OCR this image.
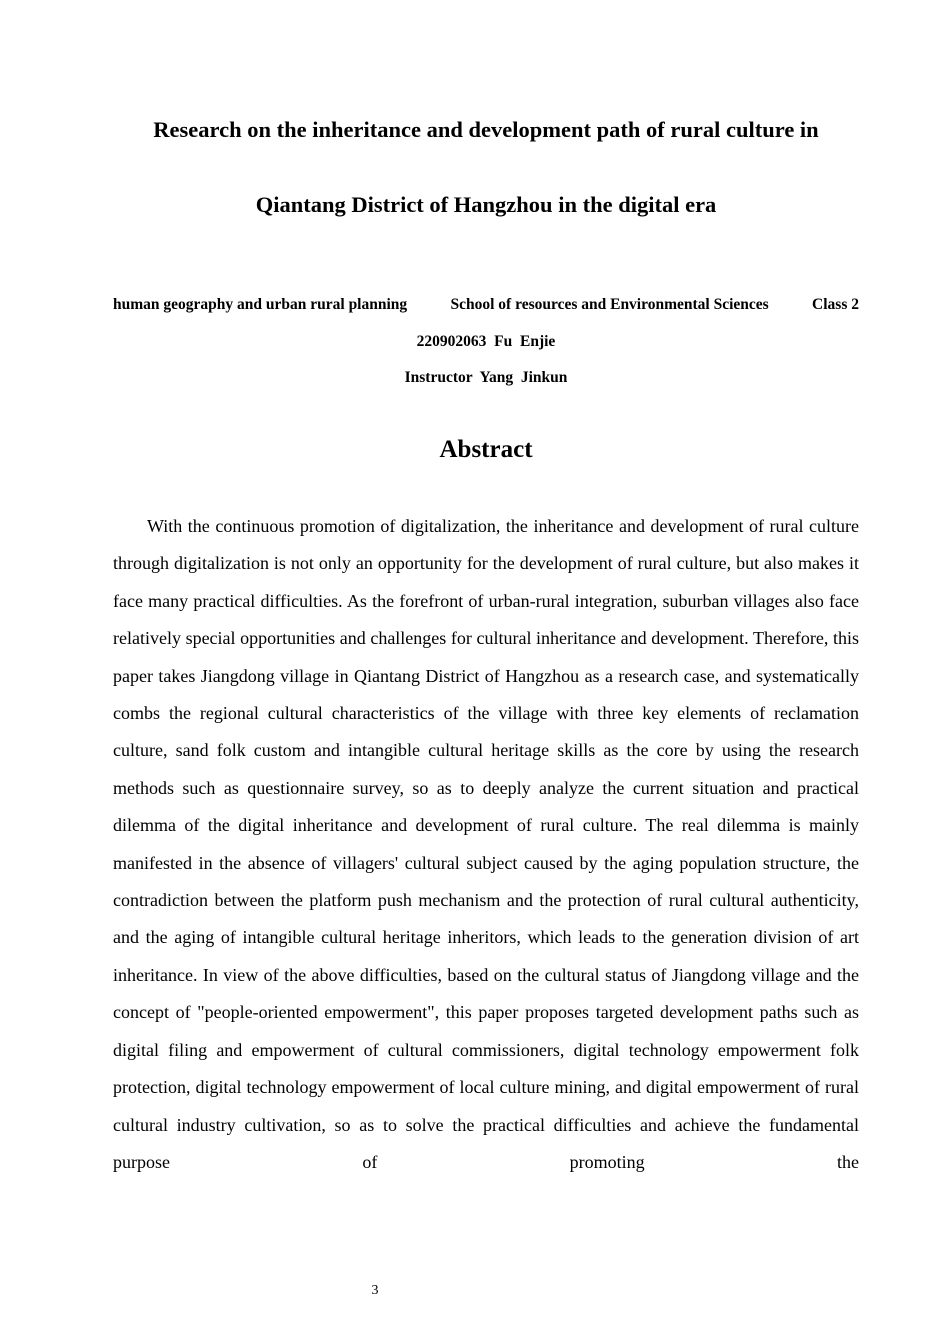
Research on the inheritance and development path of rural culture in
Qiantang District of Hangzhou in the digital era
human geography and urban rural planning	School of resources and Environmental Sciences	Class 2
220902063  Fu  Enjie
Instructor  Yang  Jinkun
Abstract

With the continuous promotion of digitalization, the inheritance and development of rural culture through digitalization is not only an opportunity for the development of rural culture, but also makes it face many practical difficulties. As the forefront of urban-rural integration, suburban villages also face relatively special opportunities and challenges for cultural inheritance and development. Therefore, this paper takes Jiangdong village in Qiantang District of Hangzhou as a research case, and systematically combs the regional cultural characteristics of the village with three key elements of reclamation culture, sand folk custom and intangible cultural heritage skills as the core by using the research methods such as questionnaire survey, so as to deeply analyze the current situation and practical dilemma of the digital inheritance and development of rural culture. The real dilemma is mainly manifested in the absence of villagers' cultural subject caused by the aging population structure, the contradiction between the platform push mechanism and the protection of rural cultural authenticity, and the aging of intangible cultural heritage inheritors, which leads to the generation division of art inheritance. In view of the above difficulties, based on the cultural status of Jiangdong village and the concept of "people-oriented empowerment", this paper proposes targeted development paths such as digital filing and empowerment of cultural commissioners, digital technology empowerment folk protection, digital technology empowerment of local culture mining, and digital empowerment of rural cultural industry cultivation, so as to solve the practical difficulties and achieve the fundamental purpose of promoting the

3
